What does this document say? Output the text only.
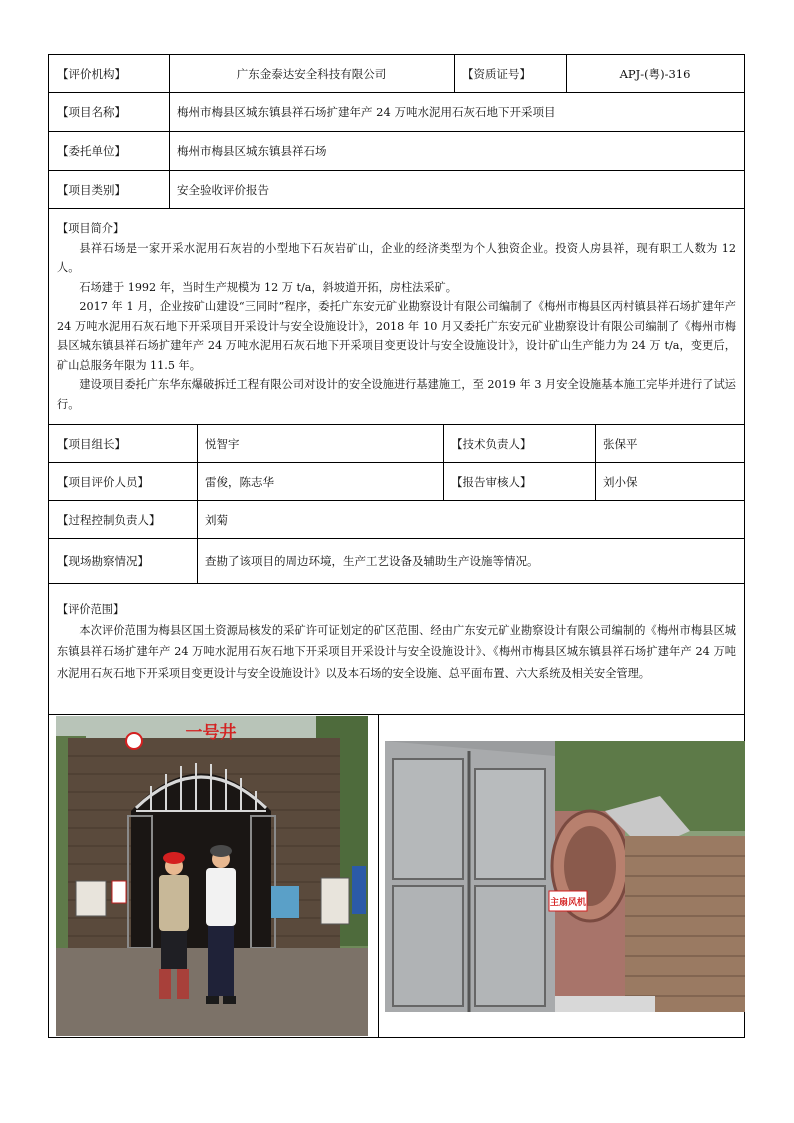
【评价机构】	广东金泰达安全科技有限公司	【资质证号】	APJ-(粤)-316
【项目名称】	梅州市梅县区城东镇县祥石场扩建年产 24 万吨水泥用石灰石地下开采项目
【委托单位】	梅州市梅县区城东镇县祥石场
【项目类别】	安全验收评价报告

【项目简介】

县祥石场是一家开采水泥用石灰岩的小型地下石灰岩矿山，企业的经济类型为个人独资企业。投资人房县祥，现有职工人数为 12 人。

石场建于 1992 年，当时生产规模为 12 万 t/a，斜坡道开拓，房柱法采矿。

2017 年 1 月，企业按矿山建设“三同时”程序，委托广东安元矿业勘察设计有限公司编制了《梅州市梅县区丙村镇县祥石场扩建年产 24 万吨水泥用石灰石地下开采项目开采设计与安全设施设计》，2018 年 10 月又委托广东安元矿业勘察设计有限公司编制了《梅州市梅县区城东镇县祥石场扩建年产 24 万吨水泥用石灰石地下开采项目变更设计与安全设施设计》，设计矿山生产能力为 24 万 t/a，变更后，矿山总服务年限为 11.5 年。

建设项目委托广东华东爆破拆迁工程有限公司对设计的安全设施进行基建施工，至 2019 年 3 月安全设施基本施工完毕并进行了试运行。

【项目组长】	悦智宇	【技术负责人】	张保平
【项目评价人员】	雷俊，陈志华	【报告审核人】	刘小保
【过程控制负责人】	刘菊
【现场勘察情况】	查勘了该项目的周边环境，生产工艺设备及辅助生产设施等情况。

【评价范围】

本次评价范围为梅县区国土资源局核发的采矿许可证划定的矿区范围、经由广东安元矿业勘察设计有限公司编制的《梅州市梅县区城东镇县祥石场扩建年产 24 万吨水泥用石灰石地下开采项目开采设计与安全设施设计》、《梅州市梅县区城东镇县祥石场扩建年产 24 万吨水泥用石灰石地下开采项目变更设计与安全设施设计》以及本石场的安全设施、总平面布置、六大系统及相关安全管理。

一号井
主扇风机
